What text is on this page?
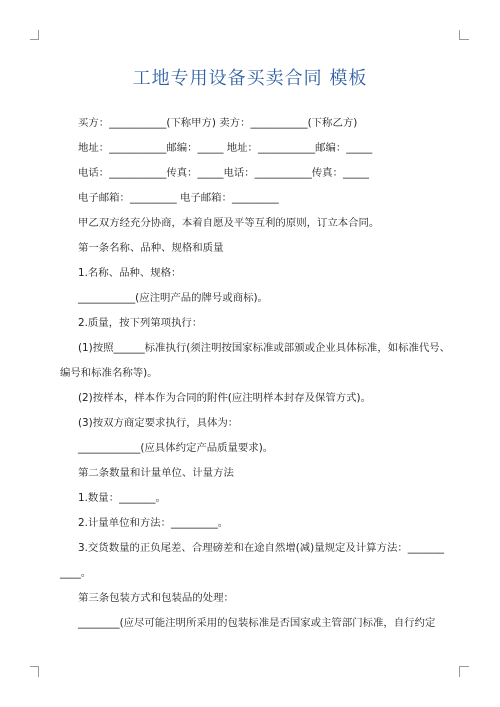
工地专用设备买卖合同 模板
买方：___________(下称甲方) 卖方：___________(下称乙方)
地址：___________邮编：_____ 地址：___________邮编：_____
电话：___________传真：_____电话：___________传真：_____
电子邮箱：_________ 电子邮箱：_________
甲乙双方经充分协商，本着自愿及平等互利的原则，订立本合同。
第一条名称、品种、规格和质量
1.名称、品种、规格：
___________(应注明产品的牌号或商标)。
2.质量，按下列第项执行：
(1)按照______标准执行(须注明按国家标准或部颁或企业具体标准，如标准代号、
编号和标准名称等)。
(2)按样本，样本作为合同的附件(应注明样本封存及保管方式)。
(3)按双方商定要求执行，具体为：
____________(应具体约定产品质量要求)。
第二条数量和计量单位、计量方法
1.数量：_______。
2.计量单位和方法：_________。
3.交货数量的正负尾差、合理磅差和在途自然增(减)量规定及计算方法：_______
____。
第三条包装方式和包装品的处理：
________(应尽可能注明所采用的包装标准是否国家或主管部门标准，自行约定
